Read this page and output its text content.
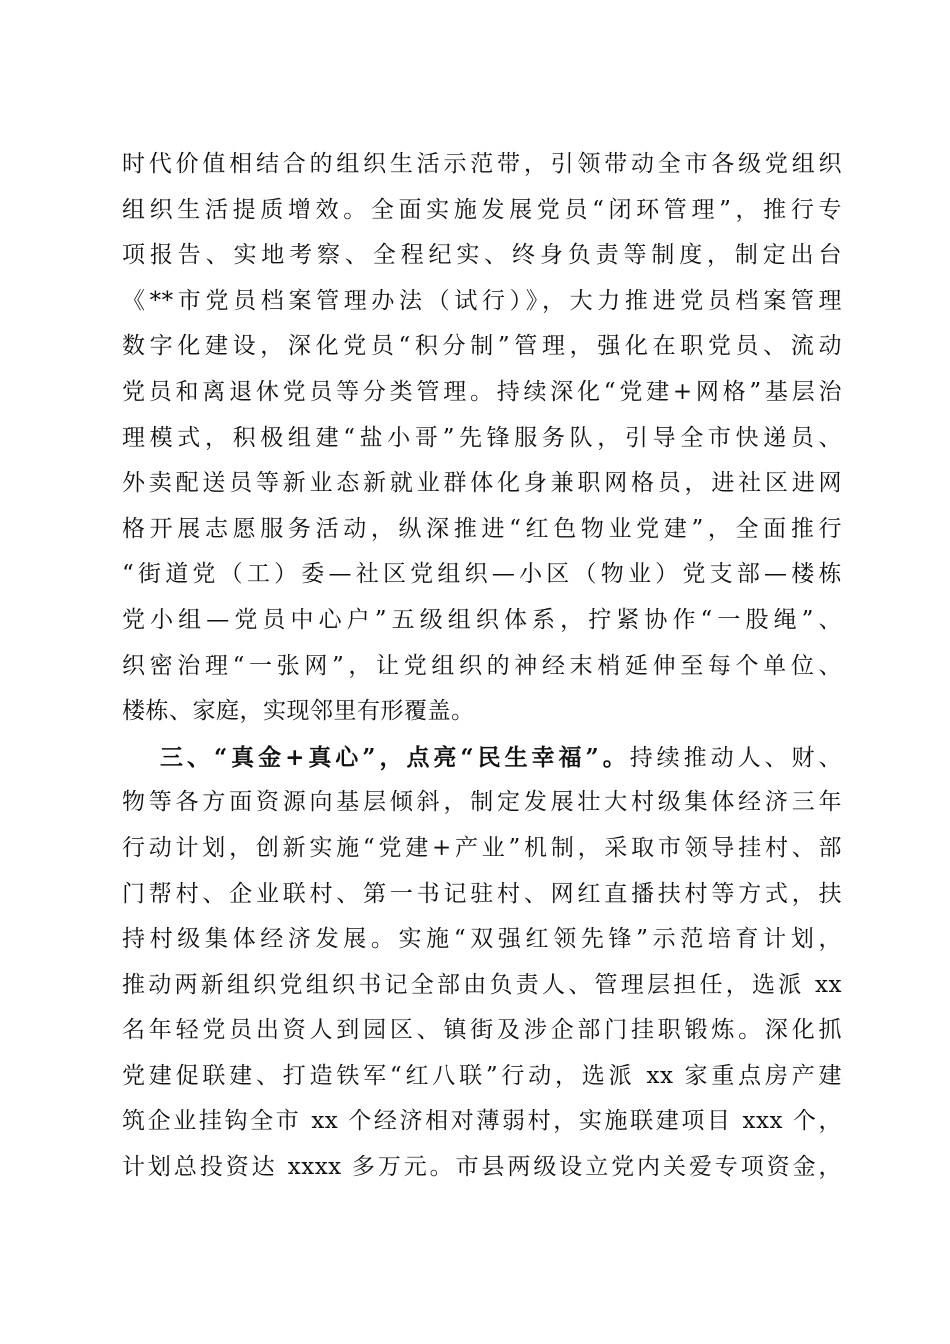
时代价值相结合的组织生活示范带，引领带动全市各级党组织
组织生活提质增效。全面实施发展党员“闭环管理”，推行专
项报告、实地考察、全程纪实、终身负责等制度，制定出台
《**市党员档案管理办法（试行）》，大力推进党员档案管理
数字化建设，深化党员“积分制”管理，强化在职党员、流动
党员和离退休党员等分类管理。持续深化“党建+网格”基层治
理模式，积极组建“盐小哥”先锋服务队，引导全市快递员、
外卖配送员等新业态新就业群体化身兼职网格员，进社区进网
格开展志愿服务活动，纵深推进“红色物业党建”，全面推行
“街道党（工）委—社区党组织—小区（物业）党支部—楼栋
党小组—党员中心户”五级组织体系，拧紧协作“一股绳”、
织密治理“一张网”，让党组织的神经末梢延伸至每个单位、
楼栋、家庭，实现邻里有形覆盖。
三、“真金+真心”，点亮“民生幸福”。持续推动人、财、
物等各方面资源向基层倾斜，制定发展壮大村级集体经济三年
行动计划，创新实施“党建+产业”机制，采取市领导挂村、部
门帮村、企业联村、第一书记驻村、网红直播扶村等方式，扶
持村级集体经济发展。实施“双强红领先锋”示范培育计划，
推动两新组织党组织书记全部由负责人、管理层担任，选派 xx
名年轻党员出资人到园区、镇街及涉企部门挂职锻炼。深化抓
党建促联建、打造铁军“红八联”行动，选派 xx 家重点房产建
筑企业挂钩全市 xx 个经济相对薄弱村，实施联建项目 xxx 个，
计划总投资达 xxxx 多万元。市县两级设立党内关爱专项资金，
